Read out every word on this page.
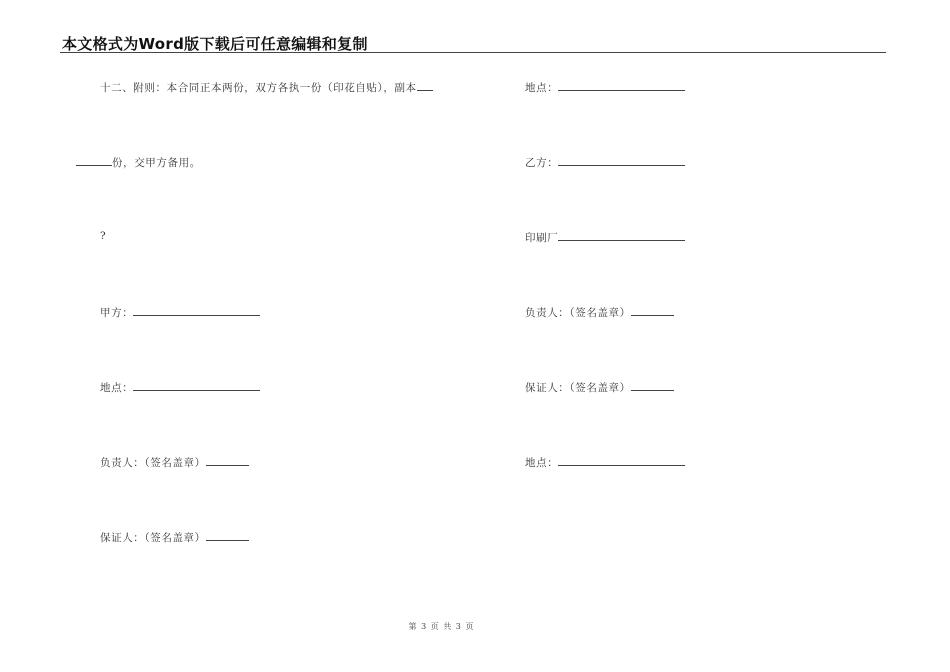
本文格式为Word版下载后可任意编辑和复制
十二、附则：本合同正本两份，双方各执一份（印花自贴），副本
份，交甲方备用。
?
甲方：
地点：
负责人：（签名盖章）
保证人：（签名盖章）
地点：
乙方：
印刷厂
负责人：（签名盖章）
保证人：（签名盖章）
地点：
第 3 页 共 3 页
